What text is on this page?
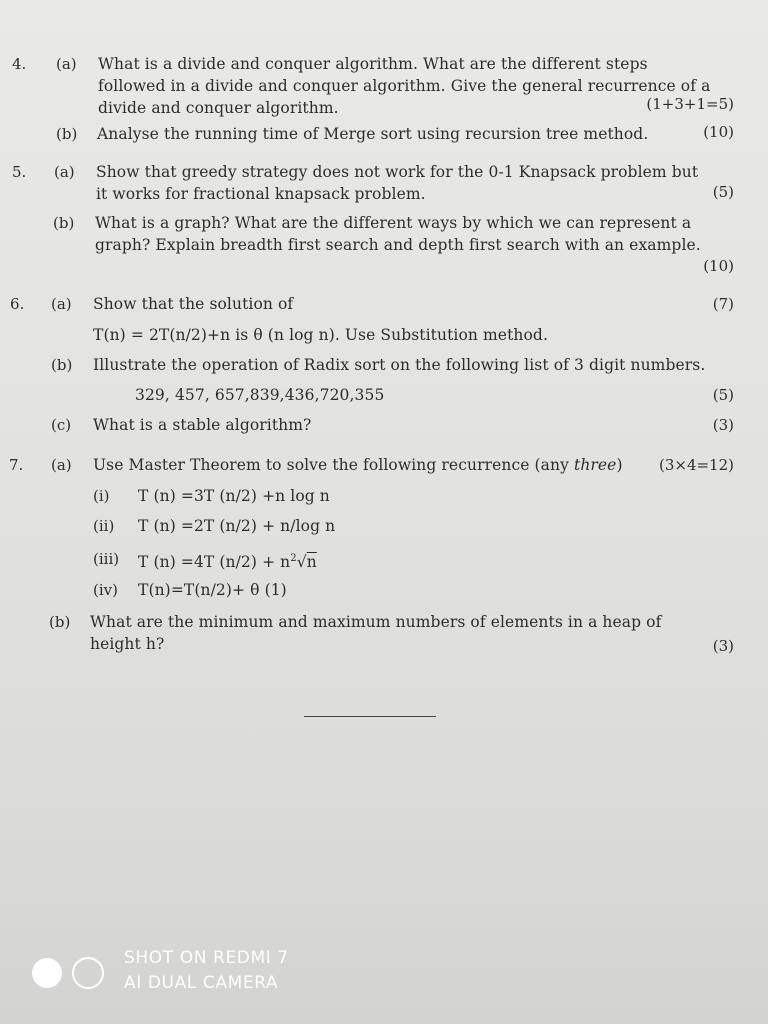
4. (a) What is a divide and conquer algorithm. What are the different steps
followed in a divide and conquer algorithm. Give the general recurrence of a
divide and conquer algorithm.	(1+3+1=5)
(b) Analyse the running time of Merge sort using recursion tree method.	(10)
5. (a) Show that greedy strategy does not work for the 0-1 Knapsack problem but
it works for fractional knapsack problem.	(5)
(b) What is a graph? What are the different ways by which we can represent a
graph? Explain breadth first search and depth first search with an example.
(10)
6. (a) Show that the solution of	(7)
T(n) = 2T(n/2)+n is θ (n log n). Use Substitution method.
(b) Illustrate the operation of Radix sort on the following list of 3 digit numbers.
329, 457, 657,839,436,720,355	(5)
(c) What is a stable algorithm?	(3)
7. (a) Use Master Theorem to solve the following recurrence (any three) (3×4=12)
(i) T (n) =3T (n/2) +n log n
(ii) T (n) =2T (n/2) + n/log n
(iii) T (n) =4T $(n/2) + n^2√n$
(iv) T(n)=T(n/2)+ θ (1)
(b) What are the minimum and maximum numbers of elements in a heap of
height h?	(3)
SHOT ON REDMI 7
AI DUAL CAMERA
